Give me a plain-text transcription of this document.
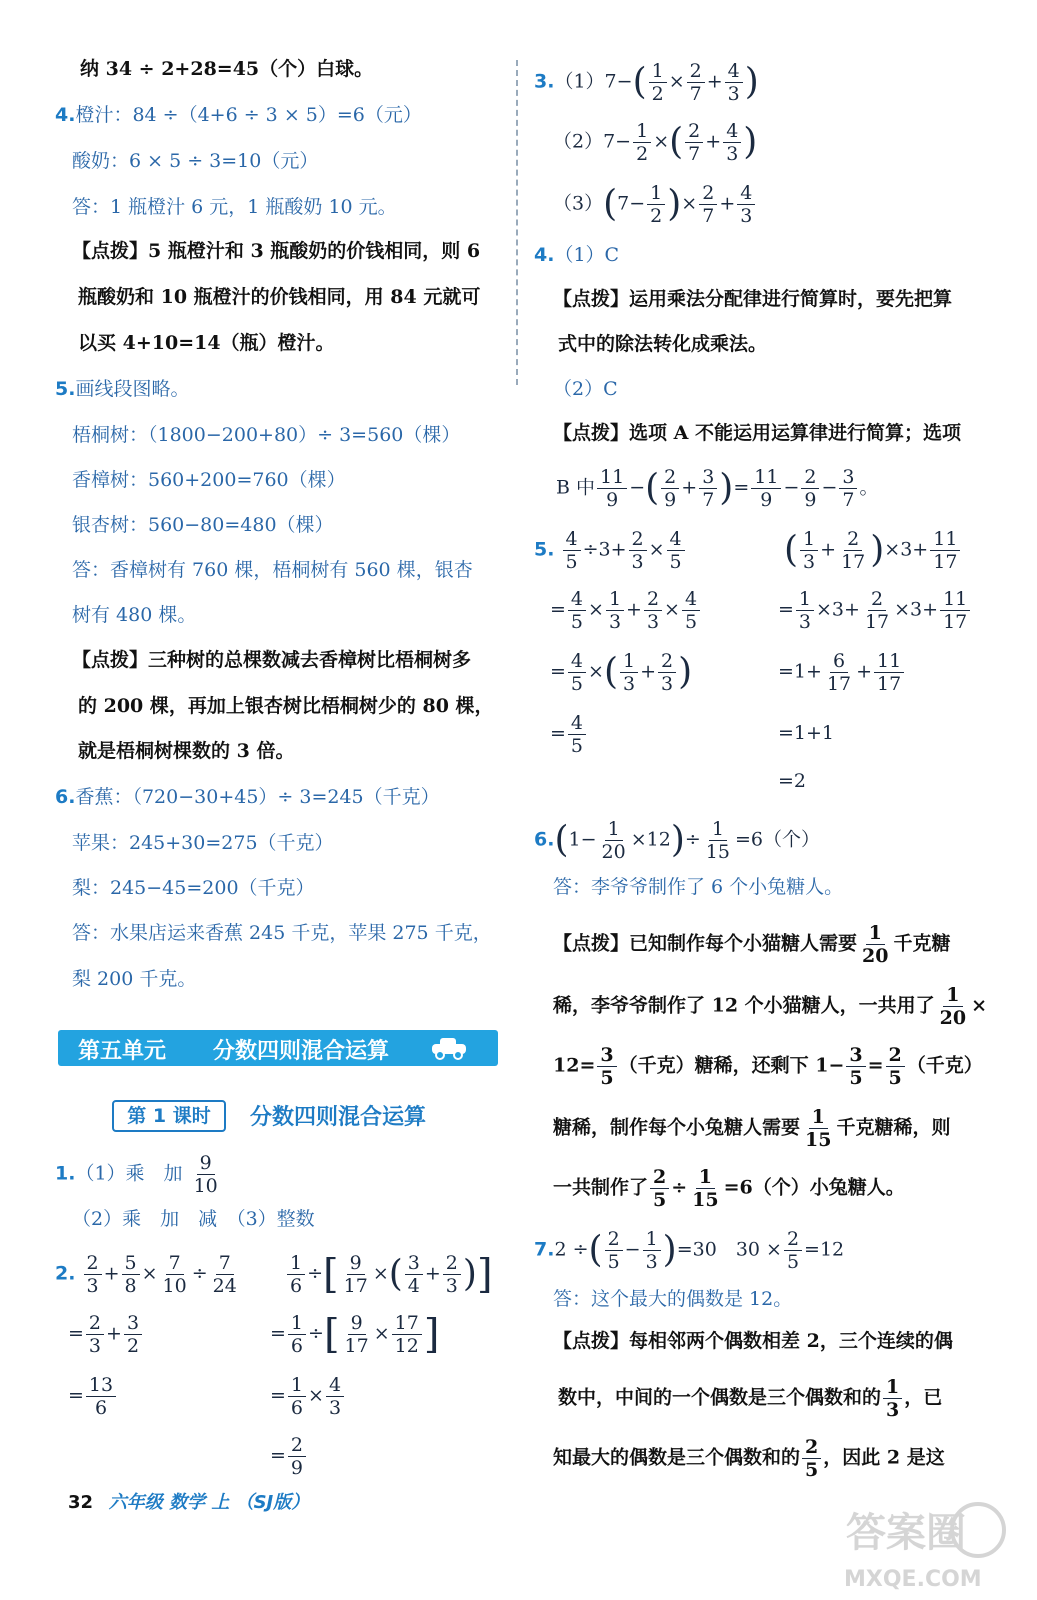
纳 34 ÷ 2+28=45（个）白球。
4.橙汁：84 ÷（4+6 ÷ 3 × 5）=6（元）
酸奶：6 × 5 ÷ 3=10（元）
答：1 瓶橙汁 6 元，1 瓶酸奶 10 元。
【点拨】5 瓶橙汁和 3 瓶酸奶的价钱相同，则 6
瓶酸奶和 10 瓶橙汁的价钱相同，用 84 元就可
以买 4+10=14（瓶）橙汁。
5.画线段图略。
梧桐树：（1800−200+80）÷ 3=560（棵）
香樟树：560+200=760（棵）
银杏树：560−80=480（棵）
答：香樟树有 760 棵，梧桐树有 560 棵，银杏
树有 480 棵。
【点拨】三种树的总棵数减去香樟树比梧桐树多
的 200 棵，再加上银杏树比梧桐树少的 80 棵，
就是梧桐树棵数的 3 倍。
6.香蕉：（720−30+45）÷ 3=245（千克）
苹果：245+30=275（千克）
梨：245−45=200（千克）
答：水果店运来香蕉 245 千克，苹果 275 千克，
梨 200 千克。
第五单元 分数四则混合运算
第 1 课时	分数四则混合运算
1.（1）乘　加 $\frac{9}{10}$
（2）乘　加　减　（3）整数
2. $\frac{2}{3} + \frac{5}{8} \times \frac{7}{10} \div \frac{7}{24}$
= $\frac{2}{3} + \frac{3}{2}$
= $\frac{13}{6}$
$\frac{1}{6}$ ÷[ $\frac{9}{17}$ ×( $\frac{3}{4} + \frac{2}{3}$ )]
= $\frac{1}{6}$ ÷[ $\frac{9}{17} \times \frac{17}{12}$ ]
= $\frac{1}{6} \times \frac{4}{3}$
= $\frac{2}{9}$
$3.(1)7-( \frac{1}{2} \times \frac{2}{7} + \frac{4}{3}$ )
$(2)7- \frac{1}{2}$ ×( $\frac{2}{7} + \frac{4}{3}$ )
$(3)(7- \frac{1}{2}$ )× $\frac{2}{7} + \frac{4}{3}$
4.（1）C
【点拨】运用乘法分配律进行简算时，要先把算
式中的除法转化成乘法。
（2）C
【点拨】选项 A 不能运用运算律进行简算；选项
B 中 $\frac{11}{9}$ −( $\frac{2}{9} + \frac{3}{7}$ )= $\frac{11}{9} - \frac{2}{9} - \frac{3}{7}$ 。
5. $\frac{4}{5} \div 3+ \frac{2}{3} \times \frac{4}{5}$
= $\frac{4}{5} \times \frac{1}{3} + \frac{2}{3} \times \frac{4}{5}$
= $\frac{4}{5}$ ×( $\frac{1}{3} + \frac{2}{3}$ )
= $\frac{4}{5}$
( $\frac{1}{3} + \frac{2}{17} )\times 3+ \frac{11}{17}$
= $\frac{1}{3} \times 3+ \frac{2}{17} \times 3+ \frac{11}{17}$
$=1+ \frac{6}{17} + \frac{11}{17}$
=1+1
=2
$6.(1- \frac{1}{20} \times 12)\div \frac{1}{15} =6$（个）
答：李爷爷制作了 6 个小兔糖人。
【点拨】已知制作每个小猫糖人需要 $\frac{1}{20}$ 千克糖
稀，李爷爷制作了 12 个小猫糖人，一共用了 $\frac{1}{20}$ ×
$12= \frac{3}{5}$ （千克）糖稀，还剩下 $1- \frac{3}{5} = \frac{2}{5}$ （千克）
糖稀，制作每个小兔糖人需要 $\frac{1}{15}$ 千克糖稀，则
一共制作了 $\frac{2}{5} \div \frac{1}{15} =6$（个）小兔糖人。
7.2 ÷( $\frac{2}{5} - \frac{1}{3} )=30$　$30 \times \frac{2}{5} =12$
答：这个最大的偶数是 12。
【点拨】每相邻两个偶数相差 2，三个连续的偶
数中，中间的一个偶数是三个偶数和的 $\frac{1}{3}$ ，已
知最大的偶数是三个偶数和的 $\frac{2}{5}$ ，因此 2 是这
32 六年级 数学 上 （SJ版）
答案圈
MXQE.COM
